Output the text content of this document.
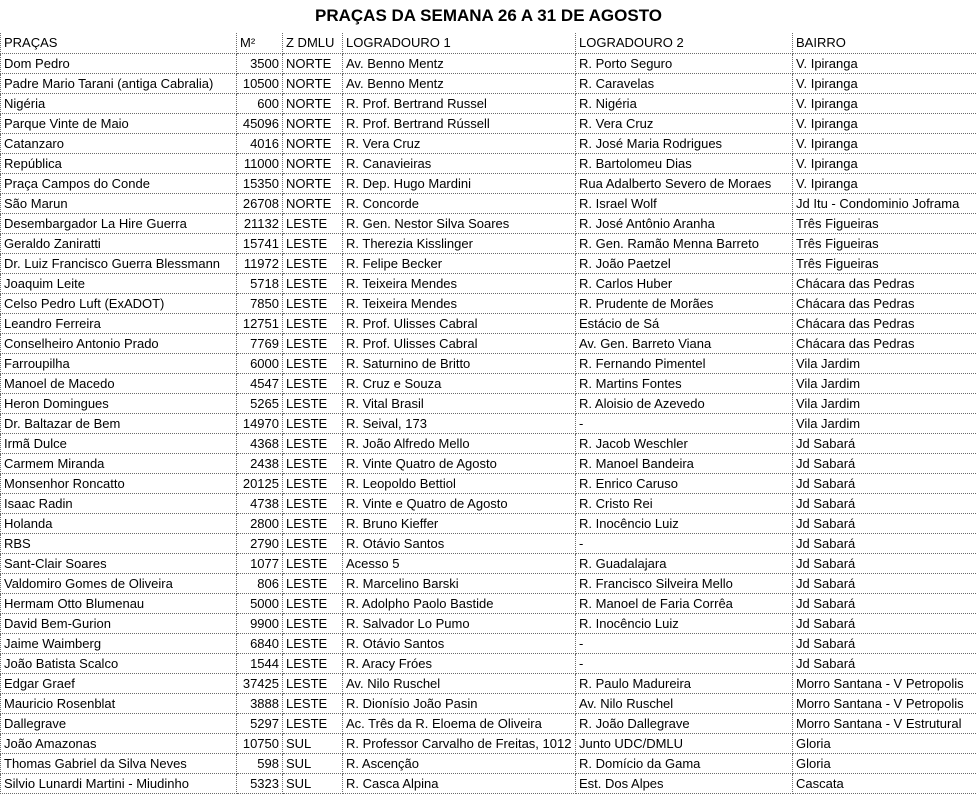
PRAÇAS DA SEMANA 26 A 31 DE AGOSTO
PRAÇAS	M²	Z DMLU	LOGRADOURO 1	LOGRADOURO 2	BAIRRO
Dom Pedro	3500	NORTE	Av. Benno Mentz	R. Porto Seguro	V. Ipiranga
Padre Mario Tarani (antiga Cabralia)	10500	NORTE	Av. Benno Mentz	R. Caravelas	V. Ipiranga
Nigéria	600	NORTE	R. Prof. Bertrand Russel	R. Nigéria	V. Ipiranga
Parque Vinte de Maio	45096	NORTE	R. Prof. Bertrand Rússell	R. Vera Cruz	V. Ipiranga
Catanzaro	4016	NORTE	R. Vera Cruz	R. José Maria Rodrigues	V. Ipiranga
República	11000	NORTE	R. Canavieiras	R. Bartolomeu Dias	V. Ipiranga
Praça Campos do Conde	15350	NORTE	R. Dep. Hugo Mardini	Rua Adalberto Severo de Moraes	V. Ipiranga
São Marun	26708	NORTE	R. Concorde	R. Israel Wolf	Jd Itu - Condominio Joframa
Desembargador La Hire Guerra	21132	LESTE	R. Gen. Nestor Silva Soares	R. José Antônio Aranha	Três Figueiras
Geraldo Zaniratti	15741	LESTE	R. Therezia Kisslinger	R. Gen. Ramão Menna Barreto	Três Figueiras
Dr. Luiz Francisco Guerra Blessmann	11972	LESTE	R. Felipe Becker	R. João Paetzel	Três Figueiras
Joaquim Leite	5718	LESTE	R. Teixeira Mendes	R. Carlos Huber	Chácara das Pedras
Celso Pedro Luft (ExADOT)	7850	LESTE	R. Teixeira Mendes	R. Prudente de Morães	Chácara das Pedras
Leandro Ferreira	12751	LESTE	R. Prof. Ulisses Cabral	Estácio de Sá	Chácara das Pedras
Conselheiro Antonio Prado	7769	LESTE	R. Prof. Ulisses Cabral	Av. Gen. Barreto Viana	Chácara das Pedras
Farroupilha	6000	LESTE	R. Saturnino de Britto	R. Fernando Pimentel	Vila Jardim
Manoel de Macedo	4547	LESTE	R. Cruz e Souza	R. Martins Fontes	Vila Jardim
Heron Domingues	5265	LESTE	R. Vital Brasil	R. Aloisio de Azevedo	Vila Jardim
Dr. Baltazar de Bem	14970	LESTE	R. Seival, 173	-	Vila Jardim
Irmã Dulce	4368	LESTE	R. João Alfredo Mello	R. Jacob Weschler	Jd Sabará
Carmem Miranda	2438	LESTE	R. Vinte Quatro de Agosto	R. Manoel Bandeira	Jd Sabará
Monsenhor Roncatto	20125	LESTE	R. Leopoldo Bettiol	R. Enrico Caruso	Jd Sabará
Isaac Radin	4738	LESTE	R. Vinte e Quatro de Agosto	R. Cristo Rei	Jd Sabará
Holanda	2800	LESTE	R. Bruno Kieffer	R. Inocêncio Luiz	Jd Sabará
RBS	2790	LESTE	R. Otávio Santos	-	Jd Sabará
Sant-Clair Soares	1077	LESTE	Acesso 5	R. Guadalajara	Jd Sabará
Valdomiro Gomes de Oliveira	806	LESTE	R. Marcelino Barski	R. Francisco Silveira Mello	Jd Sabará
Hermam Otto Blumenau	5000	LESTE	R. Adolpho Paolo Bastide	R. Manoel de Faria Corrêa	Jd Sabará
David Bem-Gurion	9900	LESTE	R. Salvador Lo Pumo	R. Inocêncio Luiz	Jd Sabará
Jaime Waimberg	6840	LESTE	R. Otávio Santos	-	Jd Sabará
João Batista Scalco	1544	LESTE	R. Aracy Fróes	-	Jd Sabará
Edgar Graef	37425	LESTE	Av. Nilo Ruschel	R. Paulo Madureira	Morro Santana - V Petropolis
Mauricio Rosenblat	3888	LESTE	R. Dionísio João Pasin	Av. Nilo Ruschel	Morro Santana - V Petropolis
Dallegrave	5297	LESTE	Ac. Três da R. Eloema de Oliveira	R. João Dallegrave	Morro Santana - V Estrutural
João Amazonas	10750	SUL	R. Professor Carvalho de Freitas, 1012	Junto UDC/DMLU	Gloria
Thomas Gabriel da Silva Neves	598	SUL	R. Ascenção	R. Domício da Gama	Gloria
Silvio Lunardi Martini - Miudinho	5323	SUL	R. Casca Alpina	Est. Dos Alpes	Cascata
